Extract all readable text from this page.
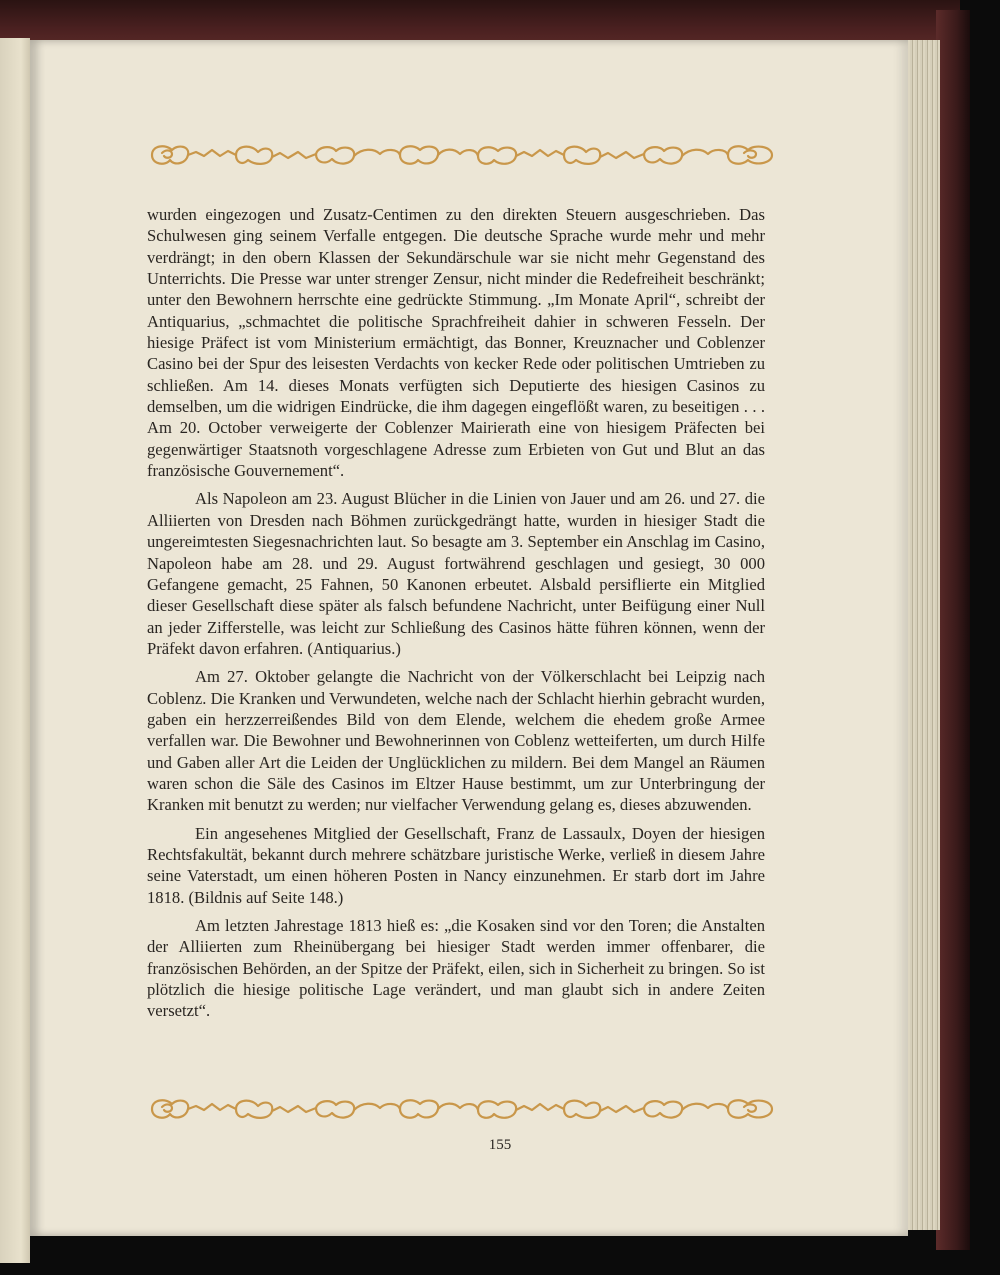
wurden eingezogen und Zusatz-Centimen zu den direkten Steuern ausgeschrieben. Das Schulwesen ging seinem Verfalle entgegen. Die deutsche Sprache wurde mehr und mehr verdrängt; in den obern Klassen der Sekundärschule war sie nicht mehr Gegenstand des Unterrichts. Die Presse war unter strenger Zensur, nicht minder die Redefreiheit beschränkt; unter den Bewohnern herrschte eine gedrückte Stimmung. „Im Monate April“, schreibt der Antiquarius, „schmachtet die politische Sprachfreiheit dahier in schweren Fesseln. Der hiesige Präfect ist vom Ministerium ermächtigt, das Bonner, Kreuznacher und Coblenzer Casino bei der Spur des leisesten Verdachts von kecker Rede oder politischen Umtrieben zu schließen. Am 14. dieses Monats verfügten sich Deputierte des hiesigen Casinos zu demselben, um die widrigen Eindrücke, die ihm dagegen eingeflößt waren, zu beseitigen . . . Am 20. October verweigerte der Coblenzer Mairierath eine von hiesigem Präfecten bei gegenwärtiger Staatsnoth vorgeschlagene Adresse zum Erbieten von Gut und Blut an das französische Gouvernement“.

Als Napoleon am 23. August Blücher in die Linien von Jauer und am 26. und 27. die Alliierten von Dresden nach Böhmen zurückgedrängt hatte, wurden in hiesiger Stadt die ungereimtesten Siegesnachrichten laut. So besagte am 3. September ein Anschlag im Casino, Napoleon habe am 28. und 29. August fortwährend geschlagen und gesiegt, 30 000 Gefangene gemacht, 25 Fahnen, 50 Kanonen erbeutet. Alsbald persiflierte ein Mitglied dieser Gesellschaft diese später als falsch befundene Nachricht, unter Beifügung einer Null an jeder Zifferstelle, was leicht zur Schließung des Casinos hätte führen können, wenn der Präfekt davon erfahren. (Antiquarius.)

Am 27. Oktober gelangte die Nachricht von der Völkerschlacht bei Leipzig nach Coblenz. Die Kranken und Verwundeten, welche nach der Schlacht hierhin gebracht wurden, gaben ein herzzerreißendes Bild von dem Elende, welchem die ehedem große Armee verfallen war. Die Bewohner und Bewohnerinnen von Coblenz wetteiferten, um durch Hilfe und Gaben aller Art die Leiden der Unglücklichen zu mildern. Bei dem Mangel an Räumen waren schon die Säle des Casinos im Eltzer Hause bestimmt, um zur Unterbringung der Kranken mit benutzt zu werden; nur vielfacher Verwendung gelang es, dieses abzuwenden.

Ein angesehenes Mitglied der Gesellschaft, Franz de Lassaulx, Doyen der hiesigen Rechtsfakultät, bekannt durch mehrere schätzbare juristische Werke, verließ in diesem Jahre seine Vaterstadt, um einen höheren Posten in Nancy einzunehmen. Er starb dort im Jahre 1818. (Bildnis auf Seite 148.)

Am letzten Jahrestage 1813 hieß es: „die Kosaken sind vor den Toren; die Anstalten der Alliierten zum Rheinübergang bei hiesiger Stadt werden immer offenbarer, die französischen Behörden, an der Spitze der Präfekt, eilen, sich in Sicherheit zu bringen. So ist plötzlich die hiesige politische Lage verändert, und man glaubt sich in andere Zeiten versetzt“.

155
